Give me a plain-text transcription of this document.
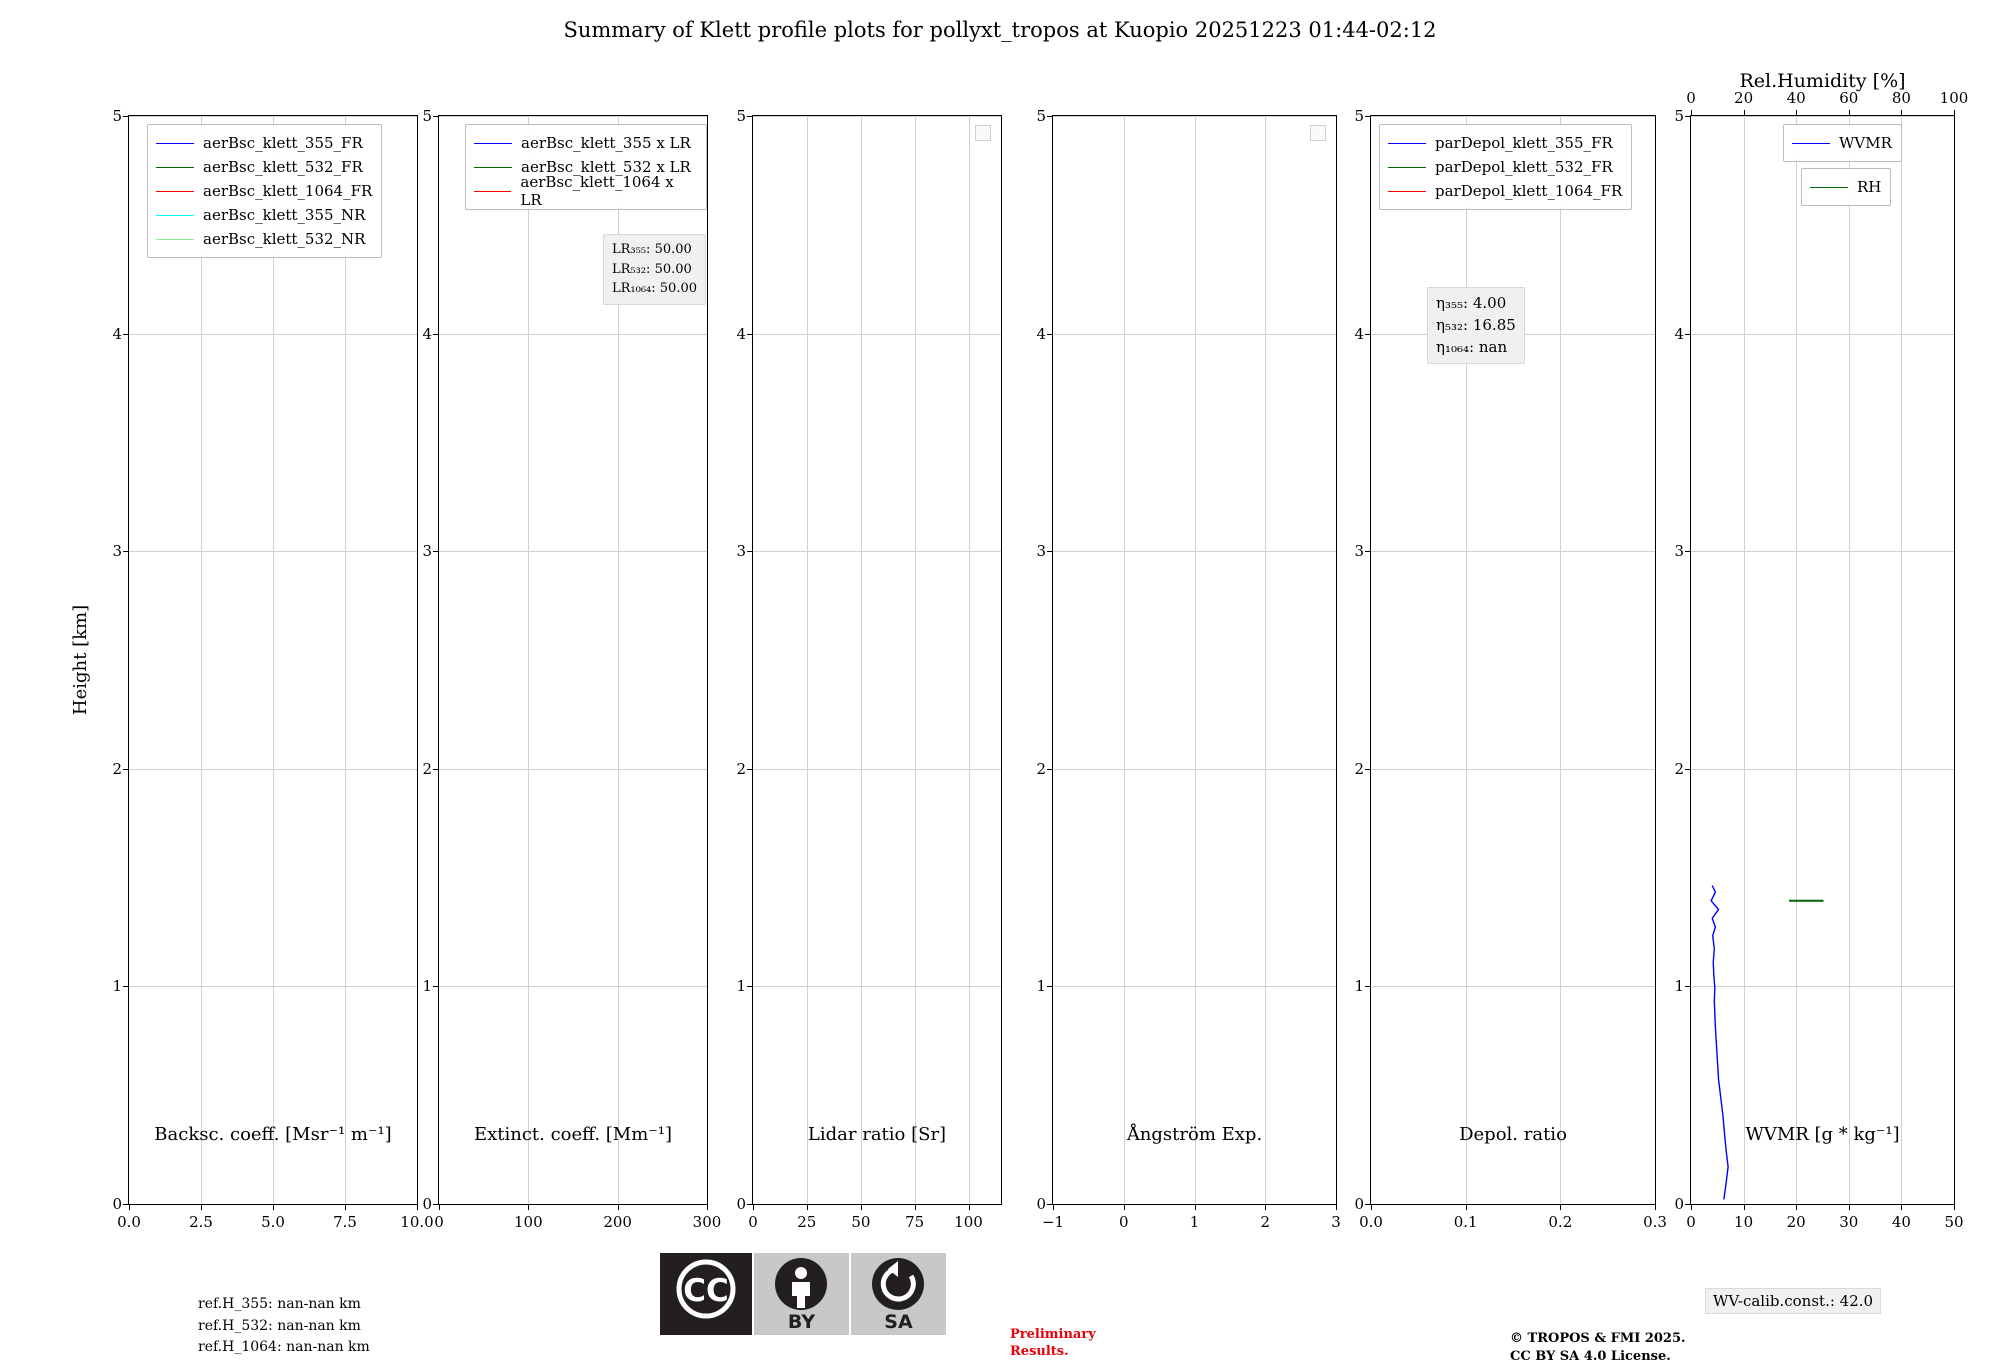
Summary of Klett profile plots for pollyxt_tropos at Kuopio 20251223 01:44-02:12
Height [km]
0
1
2
3
4
5
0.0	2.5	5.0	7.5	10.0
aerBsc_klett_355_FR
aerBsc_klett_532_FR
aerBsc_klett_1064_FR
aerBsc_klett_355_NR
aerBsc_klett_532_NR
Backsc. coeff. [Msr⁻¹ m⁻¹]
0
1
2
3
4
5
0	100	200	300
aerBsc_klett_355 x LR
aerBsc_klett_532 x LR
aerBsc_klett_1064 x LR
LR₃₅₅: 50.00
LR₅₃₂: 50.00
LR₁₀₆₄: 50.00
Extinct. coeff. [Mm⁻¹]
0
1
2
3
4
5
0	25 50 75 100
Lidar ratio [Sr]
0
1
2
3
4
5
−1	0	1	2	3
Ångström Exp.
0
1
2
3
4
5
0.0	0.1	0.2	0.3
parDepol_klett_355_FR
parDepol_klett_532_FR
parDepol_klett_1064_FR
η₃₅₅: 4.00
η₅₃₂: 16.85
η₁₀₆₄: nan
Depol. ratio
0
1
2
3
4
5
0	10 20 30 40 50
0	20 40 60 80 100
WVMR
RH
WVMR [g * kg⁻¹]
Rel.Humidity [%]
ref.H_355: nan-nan km
ref.H_532: nan-nan km
ref.H_1064: nan-nan km
CC
BY	SA
Preliminary
Results.
© TROPOS & FMI 2025.
CC BY SA 4.0 License.
WV-calib.const.: 42.0
